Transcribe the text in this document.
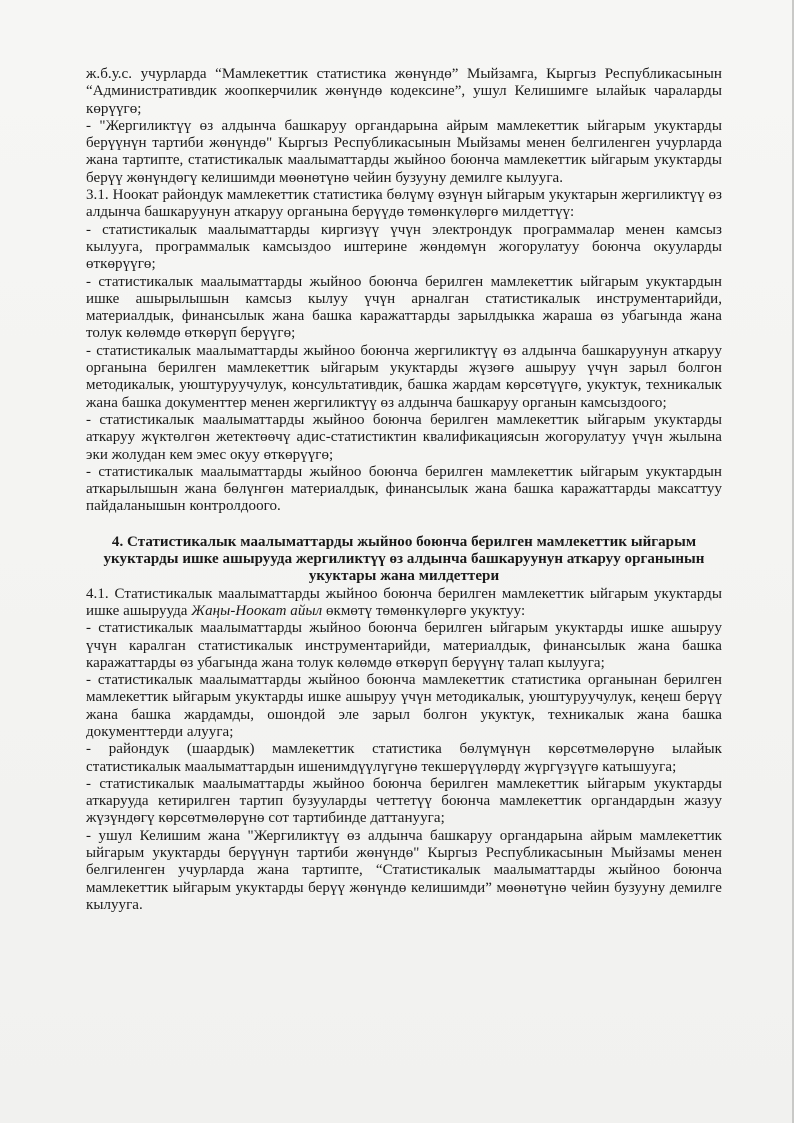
ж.б.у.с. учурларда “Мамлекеттик статистика жөнүндө” Мыйзамга, Кыргыз Республикасынын “Административдик жоопкерчилик жөнүндө кодексине”, ушул Келишимге ылайык чараларды көрүүгө;

- "Жергиликтүү өз алдынча башкаруу органдарына айрым мамлекеттик ыйгарым укуктарды берүүнүн тартиби жөнүндө" Кыргыз Республикасынын Мыйзамы менен белгиленген учурларда жана тартипте, статистикалык маалыматтарды жыйноо боюнча мамлекеттик ыйгарым укуктарды берүү жөнүндөгү келишимди мөөнөтүнө чейин бузууну демилге кылууга.

3.1. Ноокат райондук мамлекеттик статистика бөлүмү өзүнүн ыйгарым укуктарын жергиликтүү өз алдынча башкаруунун аткаруу органына берүүдө төмөнкүлөргө милдеттүү:

- статистикалык маалыматтарды киргизүү үчүн электрондук программалар менен камсыз кылууга, программалык камсыздоо иштерине жөндөмүн жогорулатуу боюнча окууларды өткөрүүгө;

- статистикалык маалыматтарды жыйноо боюнча берилген мамлекеттик ыйгарым укуктардын ишке ашырылышын камсыз кылуу үчүн арналган статистикалык инструментарийди, материалдык, финансылык жана башка каражаттарды зарылдыкка жараша өз убагында жана толук көлөмдө өткөрүп берүүгө;

- статистикалык маалыматтарды жыйноо боюнча жергиликтүү өз алдынча башкаруунун аткаруу органына берилген мамлекеттик ыйгарым укуктарды жүзөгө ашыруу үчүн зарыл болгон методикалык, уюштуруучулук, консультативдик, башка жардам көрсөтүүгө, укуктук, техникалык жана башка документтер менен жергиликтүү өз алдынча башкаруу органын камсыздоого;

- статистикалык маалыматтарды жыйноо боюнча берилген мамлекеттик ыйгарым укуктарды аткаруу жүктөлгөн жетектөөчү адис-статистиктин квалификациясын жогорулатуу үчүн жылына эки жолудан кем эмес окуу өткөрүүгө;

- статистикалык маалыматтарды жыйноо боюнча берилген мамлекеттик ыйгарым укуктардын аткарылышын жана бөлүнгөн материалдык, финансылык жана башка каражаттарды максаттуу пайдаланышын контролдоого.

4. Статистикалык маалыматтарды жыйноо боюнча берилген мамлекеттик ыйгарым укуктарды ишке ашырууда жергиликтүү өз алдынча башкаруунун аткаруу органынын укуктары жана милдеттери

4.1. Статистикалык маалыматтарды жыйноо боюнча берилген мамлекеттик ыйгарым укуктарды ишке ашырууда Жаңы-Ноокат айыл өкмөтү төмөнкүлөргө укуктуу:

- статистикалык маалыматтарды жыйноо боюнча берилген ыйгарым укуктарды ишке ашыруу үчүн каралган статистикалык инструментарийди, материалдык, финансылык жана башка каражаттарды өз убагында жана толук көлөмдө өткөрүп берүүнү талап кылууга;

- статистикалык маалыматтарды жыйноо боюнча мамлекеттик статистика органынан берилген мамлекеттик ыйгарым укуктарды ишке ашыруу үчүн методикалык, уюштуруучулук, кеңеш берүү жана башка жардамды, ошондой эле зарыл болгон укуктук, техникалык жана башка документтерди алууга;

- райондук (шаардык) мамлекеттик статистика бөлүмүнүн көрсөтмөлөрүнө ылайык статистикалык маалыматтардын ишенимдүүлүгүнө текшерүүлөрдү жүргүзүүгө катышууга;

- статистикалык маалыматтарды жыйноо боюнча берилген мамлекеттик ыйгарым укуктарды аткарууда кетирилген тартип бузууларды четтетүү боюнча мамлекеттик органдардын жазуу жүзүндөгү көрсөтмөлөрүнө сот тартибинде даттанууга;

- ушул Келишим жана "Жергиликтүү өз алдынча башкаруу органдарына айрым мамлекеттик ыйгарым укуктарды берүүнүн тартиби жөнүндө" Кыргыз Республикасынын Мыйзамы менен белгиленген учурларда жана тартипте, “Статистикалык маалыматтарды жыйноо боюнча мамлекеттик ыйгарым укуктарды берүү жөнүндө келишимди” мөөнөтүнө чейин бузууну демилге кылууга.
